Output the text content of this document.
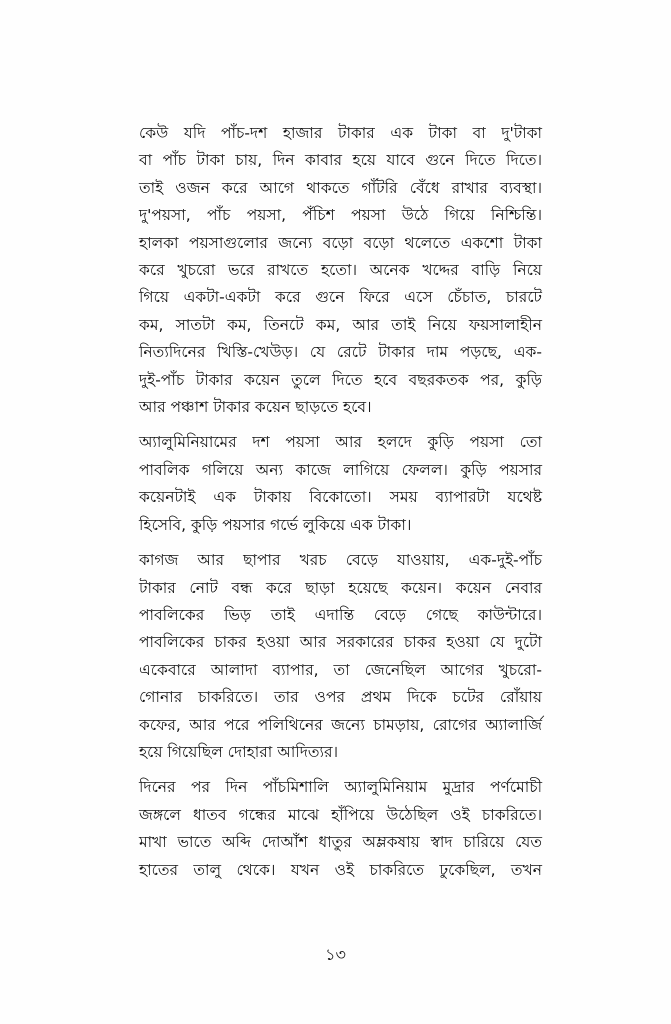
কেউ যদি পাঁচ-দশ হাজার টাকার এক টাকা বা দু'টাকা
বা পাঁচ টাকা চায়, দিন কাবার হয়ে যাবে গুনে দিতে দিতে।
তাই ওজন করে আগে থাকতে গাঁটরি বেঁধে রাখার ব্যবস্থা।
দু'পয়সা, পাঁচ পয়সা, পঁচিশ পয়সা উঠে গিয়ে নিশ্চিন্তি।
হালকা পয়সাগুলোর জন্যে বড়ো বড়ো থলেতে একশো টাকা
করে খুচরো ভরে রাখতে হতো। অনেক খদ্দের বাড়ি নিয়ে
গিয়ে একটা-একটা করে গুনে ফিরে এসে চেঁচাত, চারটে
কম, সাতটা কম, তিনটে কম, আর তাই নিয়ে ফয়সালাহীন
নিত্যদিনের খিস্তি-খেউড়। যে রেটে টাকার দাম পড়ছে, এক-
দুই-পাঁচ টাকার কয়েন তুলে দিতে হবে বছরকতক পর, কুড়ি
আর পঞ্চাশ টাকার কয়েন ছাড়তে হবে।

অ্যালুমিনিয়ামের দশ পয়সা আর হলদে কুড়ি পয়সা তো
পাবলিক গলিয়ে অন্য কাজে লাগিয়ে ফেলল। কুড়ি পয়সার
কয়েনটাই এক টাকায় বিকোতো। সময় ব্যাপারটা যথেষ্ট
হিসেবি, কুড়ি পয়সার গর্ভে লুকিয়ে এক টাকা।

কাগজ আর ছাপার খরচ বেড়ে যাওয়ায়, এক-দুই-পাঁচ
টাকার নোট বন্ধ করে ছাড়া হয়েছে কয়েন। কয়েন নেবার
পাবলিকের ভিড় তাই এদান্তি বেড়ে গেছে কাউন্টারে।
পাবলিকের চাকর হওয়া আর সরকারের চাকর হওয়া যে দুটো
একেবারে আলাদা ব্যাপার, তা জেনেছিল আগের খুচরো-
গোনার চাকরিতে। তার ওপর প্রথম দিকে চটের রোঁয়ায়
কফের, আর পরে পলিথিনের জন্যে চামড়ায়, রোগের অ্যালার্জি
হয়ে গিয়েছিল দোহারা আদিত্যর।

দিনের পর দিন পাঁচমিশালি অ্যালুমিনিয়াম মুদ্রার পর্ণমোচী
জঙ্গলে ধাতব গন্ধের মাঝে হাঁপিয়ে উঠেছিল ওই চাকরিতে।
মাখা ভাতে অব্দি দোআঁশ ধাতুর অম্লকষায় স্বাদ চারিয়ে যেত
হাতের তালু থেকে। যখন ওই চাকরিতে ঢুকেছিল, তখন

১৩
